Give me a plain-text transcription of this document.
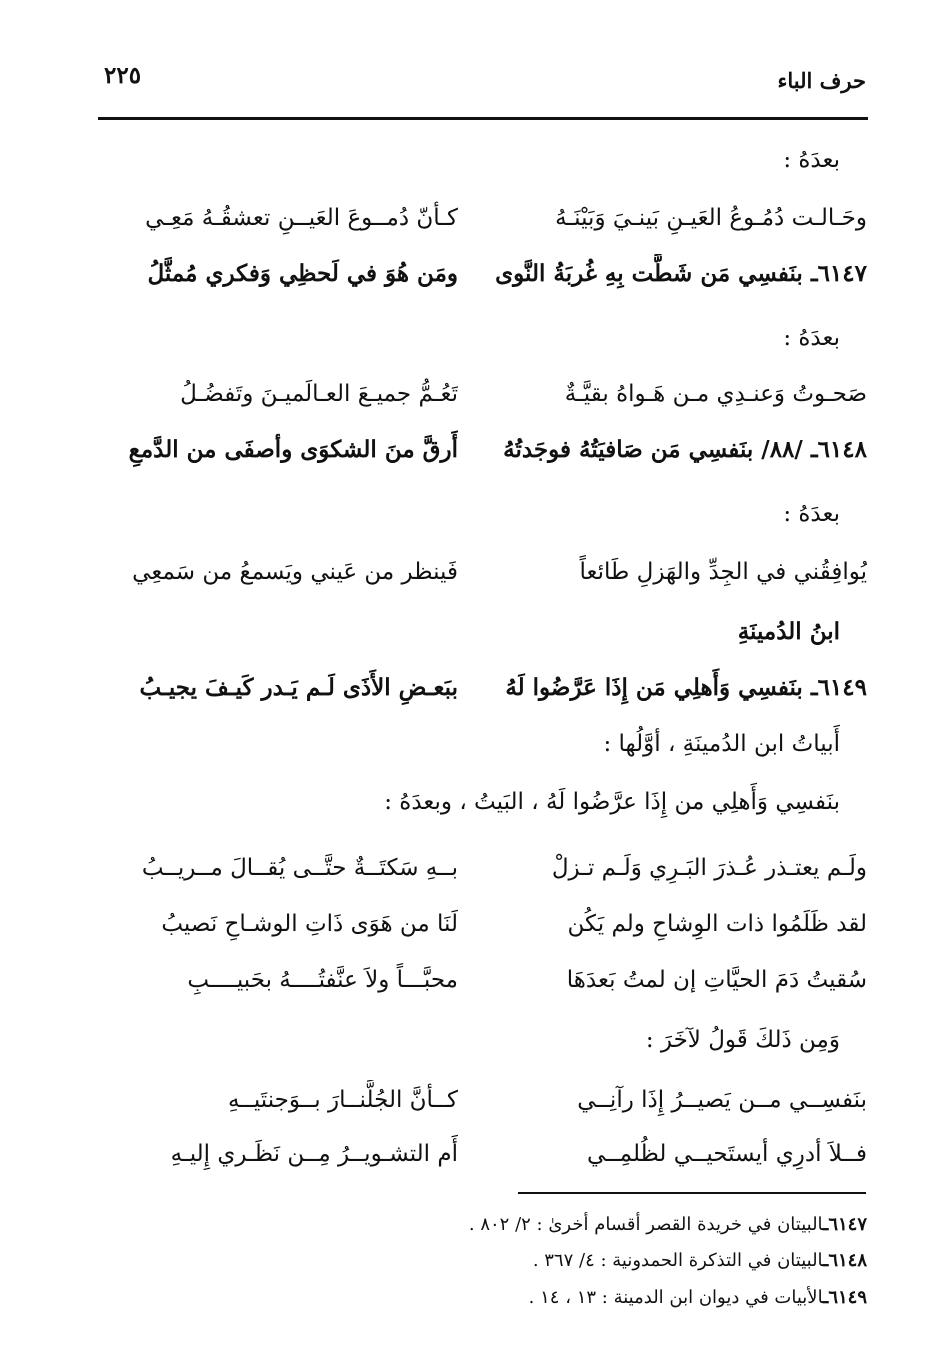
حرف الباء
٢٢٥
بعدَهُ :
وحَـالـت دُمُـوعُ العَيـنِ بَينـيَ وَبَيْنَـهُ
كـأنّ دُمــوعَ العَيــنِ تعشقُـهُ مَعِـي
٦١٤٧ـ بنَفسِي مَن شَطَّت بِهِ غُربَةُ النَّوى
ومَن هُوَ في لَحظِي وَفكري مُمثَّلُ
بعدَهُ :
صَحـوتُ وَعنـدِي مـن هَـواهُ بقيَّـةٌ
تَعُـمُّ جميـعَ العـالَميـنَ وتَفضُـلُ
٦١٤٨ـ /٨٨/ بنَفسِي مَن صَافيَتُهُ فوجَدتُهُ
أَرقَّ منَ الشكوَى وأصفَى من الدَّمعِ
بعدَهُ :
يُوافِقُني في الجِدِّ والهَزلِ طَائعاً
فَينظر من عَيني ويَسمعُ من سَمعِي
ابنُ الدُمينَةِ
٦١٤٩ـ بنَفسِي وَأَهلِي مَن إِذَا عَرَّضُوا لَهُ
ببَعـضِ الأَذَى لَـم يَـدر كَيـفَ يجيـبُ
أَبياتُ ابن الدُمينَةِ ، أوَّلُها :
بنَفسِي وَأَهلِي من إِذَا عرَّضُوا لَهُ ، البَيتُ ، وبعدَهُ :
ولَـم يعتـذر عُـذرَ البَـرِي وَلَـم تـزلْ
بــهِ سَكتَــةٌ حتَّــى يُقــالَ مــريــبُ
لقد ظَلَمُوا ذات الوِشاحِ ولم يَكُن
لَنَا من هَوَى ذَاتِ الوشـاحِ نَصيبُ
سُقيتُ دَمَ الحيَّاتِ إن لمتُ بَعدَهَا
محبَّـــاً ولاَ عنَّفتُــــهُ بحَبيــــبِ
وَمِن ذَلكَ قَولُ لآخَرَ :
بنَفسِــي مــن يَصيــرُ إِذَا رآنِــي
كــأنَّ الجُلَّنــارَ بــوَجنتَيــهِ
فــلاَ أدرِي أيستَحيــي لظُلمِــي
أَم التشـويــرُ مِــن نَظَـري إِليـهِ
٦١٤٧ـالبيتان في خريدة القصر أقسام أخرىٰ : ٢/ ٨٠٢ .
٦١٤٨ـالبيتان في التذكرة الحمدونية : ٤/ ٣٦٧ .
٦١٤٩ـالأبيات في ديوان ابن الدمينة : ١٣ ، ١٤ .
